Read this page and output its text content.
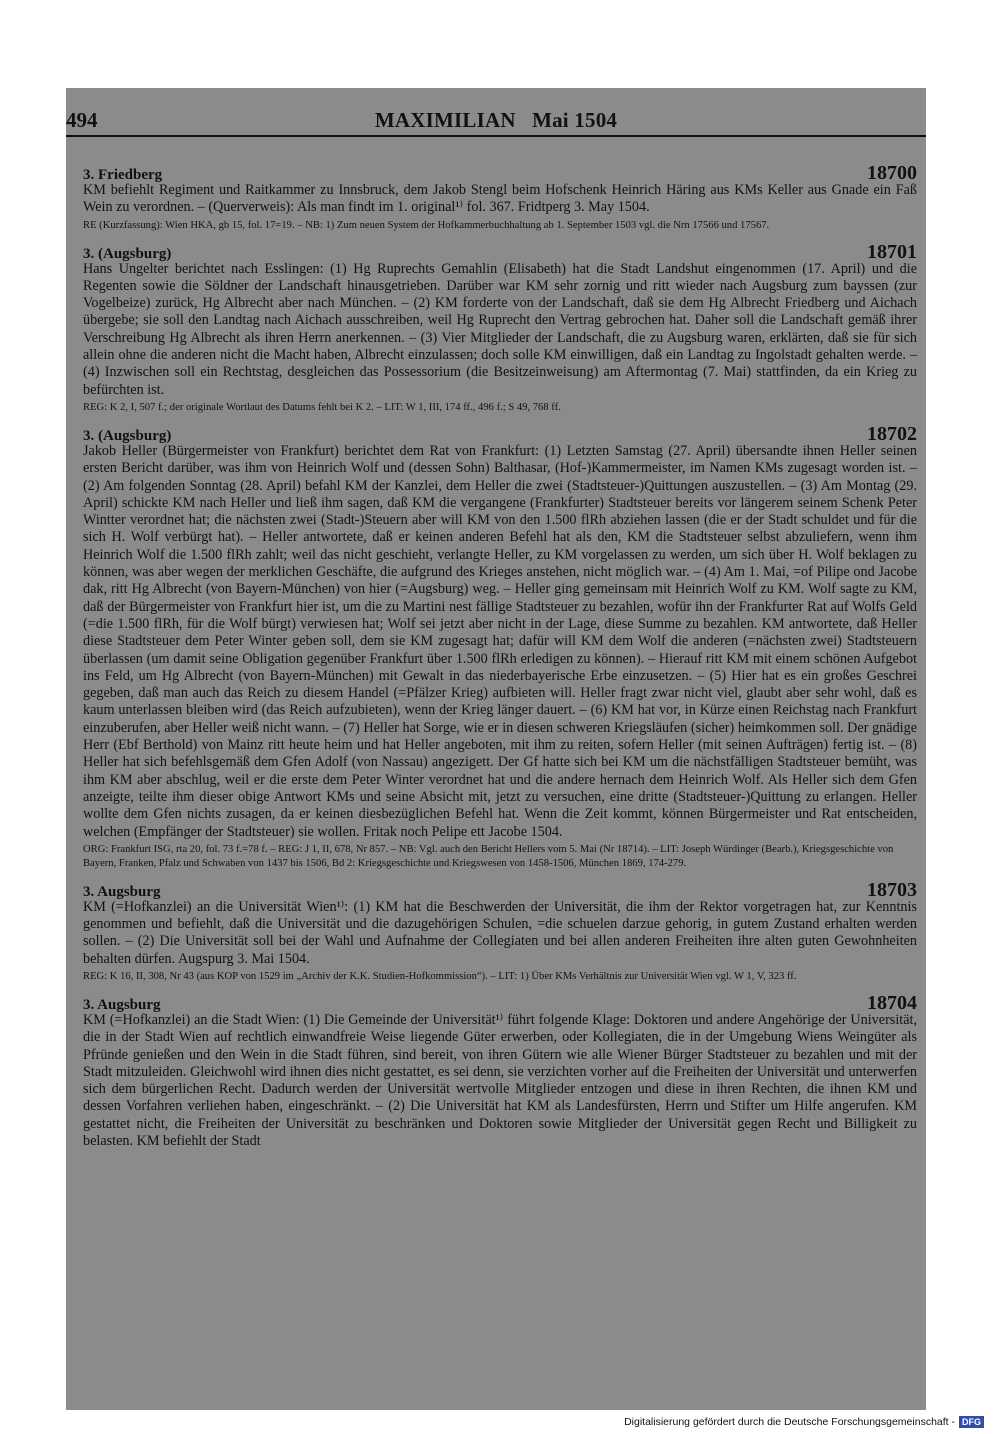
494	MAXIMILIAN   Mai 1504
3. Friedberg	18700

KM befiehlt Regiment und Raitkammer zu Innsbruck, dem Jakob Stengl beim Hofschenk Heinrich Häring aus KMs Keller aus Gnade ein Faß Wein zu verordnen. – (Querverweis): Als man findt im 1. original¹⁾ fol. 367. Fridtperg 3. May 1504.

RE (Kurzfassung): Wien HKA, gb 15, fol. 17=19. – NB: 1) Zum neuen System der Hofkammerbuchhaltung ab 1. September 1503 vgl. die Nrn 17566 und 17567.

3. (Augsburg)	18701

Hans Ungelter berichtet nach Esslingen: (1) Hg Ruprechts Gemahlin (Elisabeth) hat die Stadt Landshut eingenommen (17. April) und die Regenten sowie die Söldner der Landschaft hinausgetrieben. Darüber war KM sehr zornig und ritt wieder nach Augsburg zum bayssen (zur Vogelbeize) zurück, Hg Albrecht aber nach München. – (2) KM forderte von der Landschaft, daß sie dem Hg Albrecht Friedberg und Aichach übergebe; sie soll den Landtag nach Aichach ausschreiben, weil Hg Ruprecht den Vertrag gebrochen hat. Daher soll die Landschaft gemäß ihrer Verschreibung Hg Albrecht als ihren Herrn anerkennen. – (3) Vier Mitglieder der Landschaft, die zu Augsburg waren, erklärten, daß sie für sich allein ohne die anderen nicht die Macht haben, Albrecht einzulassen; doch solle KM einwilligen, daß ein Landtag zu Ingolstadt gehalten werde. – (4) Inzwischen soll ein Rechtstag, desgleichen das Possessorium (die Besitzeinweisung) am Aftermontag (7. Mai) stattfinden, da ein Krieg zu befürchten ist.

REG: K 2, I, 507 f.; der originale Wortlaut des Datums fehlt bei K 2. – LIT: W 1, III, 174 ff., 496 f.; S 49, 768 ff.

3. (Augsburg)	18702

Jakob Heller (Bürgermeister von Frankfurt) berichtet dem Rat von Frankfurt: (1) Letzten Samstag (27. April) übersandte ihnen Heller seinen ersten Bericht darüber, was ihm von Heinrich Wolf und (dessen Sohn) Balthasar, (Hof-)Kammermeister, im Namen KMs zugesagt worden ist. – (2) Am folgenden Sonntag (28. April) befahl KM der Kanzlei, dem Heller die zwei (Stadtsteuer-)Quittungen auszustellen. – (3) Am Montag (29. April) schickte KM nach Heller und ließ ihm sagen, daß KM die vergangene (Frankfurter) Stadtsteuer bereits vor längerem seinem Schenk Peter Wintter verordnet hat; die nächsten zwei (Stadt-)Steuern aber will KM von den 1.500 flRh abziehen lassen (die er der Stadt schuldet und für die sich H. Wolf verbürgt hat). – Heller antwortete, daß er keinen anderen Befehl hat als den, KM die Stadtsteuer selbst abzuliefern, wenn ihm Heinrich Wolf die 1.500 flRh zahlt; weil das nicht geschieht, verlangte Heller, zu KM vorgelassen zu werden, um sich über H. Wolf beklagen zu können, was aber wegen der merklichen Geschäfte, die aufgrund des Krieges anstehen, nicht möglich war. – (4) Am 1. Mai, =of Pilipe ond Jacobe dak, ritt Hg Albrecht (von Bayern-München) von hier (=Augsburg) weg. – Heller ging gemeinsam mit Heinrich Wolf zu KM. Wolf sagte zu KM, daß der Bürgermeister von Frankfurt hier ist, um die zu Martini nest fällige Stadtsteuer zu bezahlen, wofür ihn der Frankfurter Rat auf Wolfs Geld (=die 1.500 flRh, für die Wolf bürgt) verwiesen hat; Wolf sei jetzt aber nicht in der Lage, diese Summe zu bezahlen. KM antwortete, daß Heller diese Stadtsteuer dem Peter Winter geben soll, dem sie KM zugesagt hat; dafür will KM dem Wolf die anderen (=nächsten zwei) Stadtsteuern überlassen (um damit seine Obligation gegenüber Frankfurt über 1.500 flRh erledigen zu können). – Hierauf ritt KM mit einem schönen Aufgebot ins Feld, um Hg Albrecht (von Bayern-München) mit Gewalt in das niederbayerische Erbe einzusetzen. – (5) Hier hat es ein großes Geschrei gegeben, daß man auch das Reich zu diesem Handel (=Pfälzer Krieg) aufbieten will. Heller fragt zwar nicht viel, glaubt aber sehr wohl, daß es kaum unterlassen bleiben wird (das Reich aufzubieten), wenn der Krieg länger dauert. – (6) KM hat vor, in Kürze einen Reichstag nach Frankfurt einzuberufen, aber Heller weiß nicht wann. – (7) Heller hat Sorge, wie er in diesen schweren Kriegsläufen (sicher) heimkommen soll. Der gnädige Herr (Ebf Berthold) von Mainz ritt heute heim und hat Heller angeboten, mit ihm zu reiten, sofern Heller (mit seinen Aufträgen) fertig ist. – (8) Heller hat sich befehlsgemäß dem Gfen Adolf (von Nassau) angezigett. Der Gf hatte sich bei KM um die nächstfälligen Stadtsteuer bemüht, was ihm KM aber abschlug, weil er die erste dem Peter Winter verordnet hat und die andere hernach dem Heinrich Wolf. Als Heller sich dem Gfen anzeigte, teilte ihm dieser obige Antwort KMs und seine Absicht mit, jetzt zu versuchen, eine dritte (Stadtsteuer-)Quittung zu erlangen. Heller wollte dem Gfen nichts zusagen, da er keinen diesbezüglichen Befehl hat. Wenn die Zeit kommt, können Bürgermeister und Rat entscheiden, welchen (Empfänger der Stadtsteuer) sie wollen. Fritak noch Pelipe ett Jacobe 1504.

ORG: Frankfurt ISG, rta 20, fol. 73 f.=78 f. – REG: J 1, II, 678, Nr 857. – NB: Vgl. auch den Bericht Hellers vom 5. Mai (Nr 18714). – LIT: Joseph Würdinger (Bearb.), Kriegsgeschichte von Bayern, Franken, Pfalz und Schwaben von 1437 bis 1506, Bd 2: Kriegsgeschichte und Kriegswesen von 1458-1506, München 1869, 174-279.

3. Augsburg	18703

KM (=Hofkanzlei) an die Universität Wien¹⁾: (1) KM hat die Beschwerden der Universität, die ihm der Rektor vorgetragen hat, zur Kenntnis genommen und befiehlt, daß die Universität und die dazugehörigen Schulen, =die schuelen darzue gehorig, in gutem Zustand erhalten werden sollen. – (2) Die Universität soll bei der Wahl und Aufnahme der Collegiaten und bei allen anderen Freiheiten ihre alten guten Gewohnheiten behalten dürfen. Augspurg 3. Mai 1504.

REG: K 16, II, 308, Nr 43 (aus KOP von 1529 im „Archiv der K.K. Studien-Hofkommission“). – LIT: 1) Über KMs Verhältnis zur Universität Wien vgl. W 1, V, 323 ff.

3. Augsburg	18704

KM (=Hofkanzlei) an die Stadt Wien: (1) Die Gemeinde der Universität¹⁾ führt folgende Klage: Doktoren und andere Angehörige der Universität, die in der Stadt Wien auf rechtlich einwandfreie Weise liegende Güter erwerben, oder Kollegiaten, die in der Umgebung Wiens Weingüter als Pfründe genießen und den Wein in die Stadt führen, sind bereit, von ihren Gütern wie alle Wiener Bürger Stadtsteuer zu bezahlen und mit der Stadt mitzuleiden. Gleichwohl wird ihnen dies nicht gestattet, es sei denn, sie verzichten vorher auf die Freiheiten der Universität und unterwerfen sich dem bürgerlichen Recht. Dadurch werden der Universität wertvolle Mitglieder entzogen und diese in ihren Rechten, die ihnen KM und dessen Vorfahren verliehen haben, eingeschränkt. – (2) Die Universität hat KM als Landesfürsten, Herrn und Stifter um Hilfe angerufen. KM gestattet nicht, die Freiheiten der Universität zu beschränken und Doktoren sowie Mitglieder der Universität gegen Recht und Billigkeit zu belasten. KM befiehlt der Stadt

Digitalisierung gefördert durch die Deutsche Forschungsgemeinschaft - DFG
